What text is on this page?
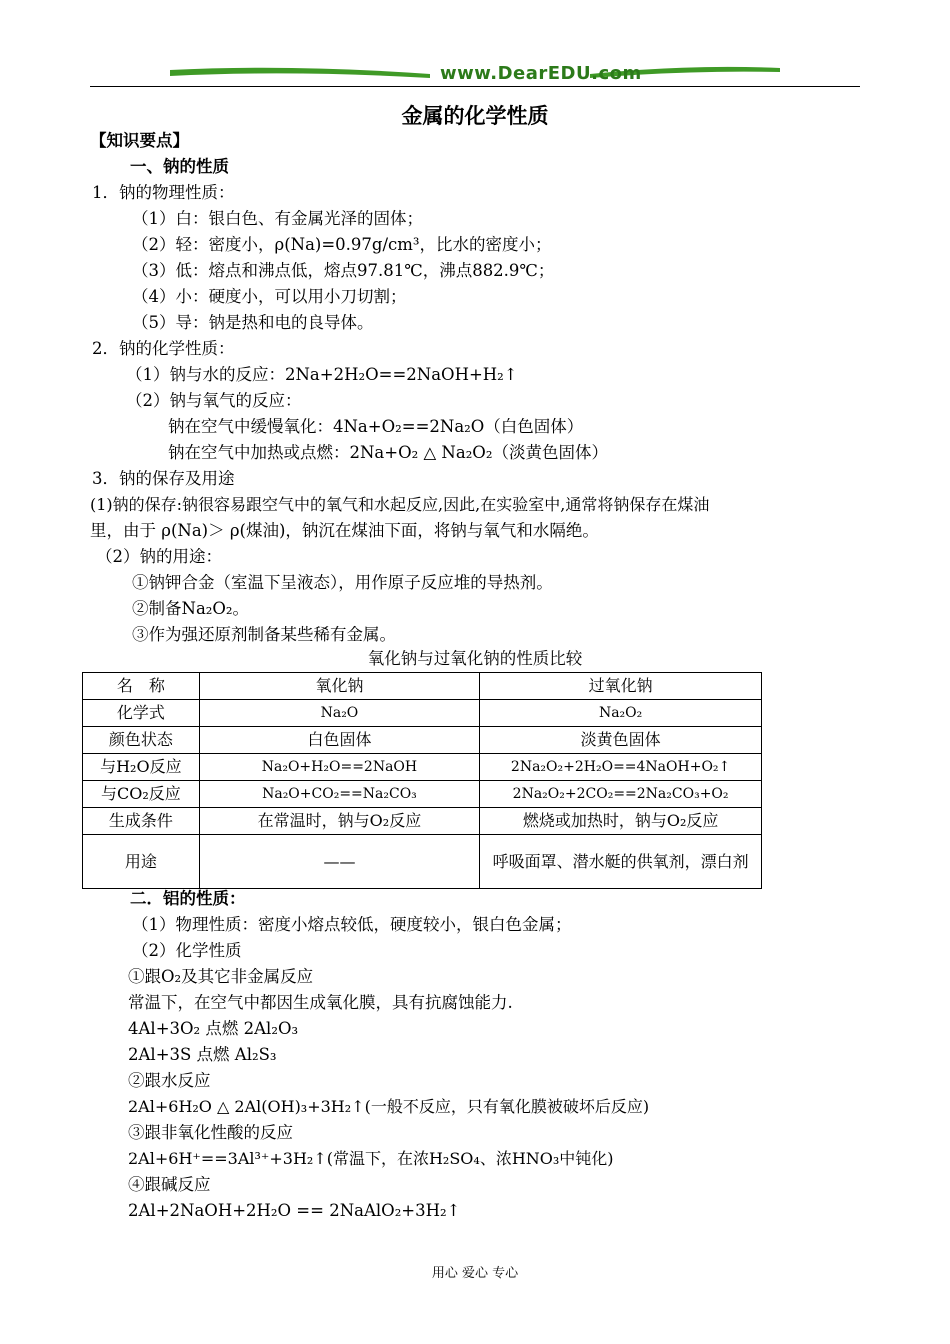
www.DearEDU.com
金属的化学性质
【知识要点】
一、钠的性质
1．钠的物理性质：
（1）白：银白色、有金属光泽的固体；
（2）轻：密度小，ρ(Na)=0.97g/cm³，比水的密度小；
（3）低：熔点和沸点低，熔点97.81℃，沸点882.9℃；
（4）小：硬度小，可以用小刀切割；
（5）导：钠是热和电的良导体。
2．钠的化学性质：
（1）钠与水的反应：2Na+2H₂O==2NaOH+H₂↑
（2）钠与氧气的反应：
钠在空气中缓慢氧化：4Na+O₂==2Na₂O（白色固体）
钠在空气中加热或点燃：2Na+O₂ △ Na₂O₂（淡黄色固体）
3．钠的保存及用途
(1)钠的保存:钠很容易跟空气中的氧气和水起反应,因此,在实验室中,通常将钠保存在煤油
里，由于 ρ(Na)＞ ρ(煤油)，钠沉在煤油下面，将钠与氧气和水隔绝。
（2）钠的用途：
①钠钾合金（室温下呈液态），用作原子反应堆的导热剂。
②制备Na₂O₂。
③作为强还原剂制备某些稀有金属。
氧化钠与过氧化钠的性质比较
名　称	氧化钠	过氧化钠
化学式	Na₂O	Na₂O₂
颜色状态	白色固体	淡黄色固体
与H₂O反应	Na₂O+H₂O==2NaOH	2Na₂O₂+2H₂O==4NaOH+O₂↑
与CO₂反应	Na₂O+CO₂==Na₂CO₃	2Na₂O₂+2CO₂==2Na₂CO₃+O₂
生成条件	在常温时，钠与O₂反应	燃烧或加热时，钠与O₂反应
用途	——	呼吸面罩、潜水艇的供氧剂，漂白剂
二．铝的性质：
（1）物理性质：密度小熔点较低，硬度较小，银白色金属；
（2）化学性质
①跟O₂及其它非金属反应
常温下，在空气中都因生成氧化膜，具有抗腐蚀能力.
4Al+3O₂ 点燃 2Al₂O₃
2Al+3S 点燃 Al₂S₃
②跟水反应
2Al+6H₂O △ 2Al(OH)₃+3H₂↑(一般不反应，只有氧化膜被破坏后反应)
③跟非氧化性酸的反应
2Al+6H⁺==3Al³⁺+3H₂↑(常温下，在浓H₂SO₄、浓HNO₃中钝化)
④跟碱反应
2Al+2NaOH+2H₂O == 2NaAlO₂+3H₂↑
用心 爱心 专心
